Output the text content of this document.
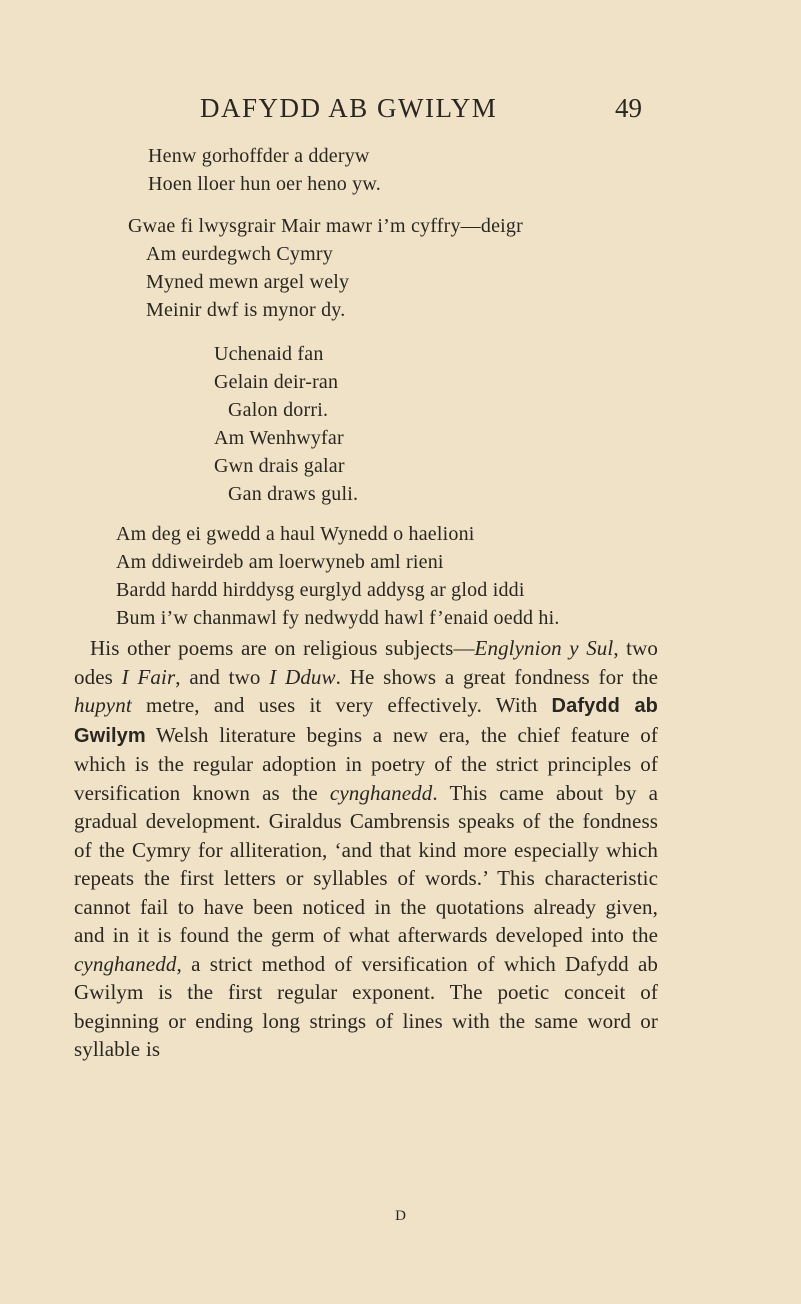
DAFYDD AB GWILYM	49
Henw gorhoffder a dderyw
Hoen lloer hun oer heno yw.
Gwae fi lwysgrair Mair mawr i’m cyffry—deigr
Am eurdegwch Cymry
Myned mewn argel wely
Meinir dwf is mynor dy.
Uchenaid fan
Gelain deir-ran
Galon dorri.
Am Wenhwyfar
Gwn drais galar
Gan draws guli.
Am deg ei gwedd a haul Wynedd o haelioni
Am ddiweirdeb am loerwyneb aml rieni
Bardd hardd hirddysg eurglyd addysg ar glod iddi
Bum i’w chanmawl fy nedwydd hawl f’enaid oedd hi.

His other poems are on religious subjects—Englynion y Sul, two odes I Fair, and two I Dduw. He shows a great fondness for the hupynt metre, and uses it very effectively. With Dafydd ab Gwilym Welsh literature begins a new era, the chief feature of which is the regular adoption in poetry of the strict principles of versification known as the cynghanedd. This came about by a gradual development. Giraldus Cambrensis speaks of the fondness of the Cymry for alliteration, ‘and that kind more especially which repeats the first letters or syllables of words.’ This characteristic cannot fail to have been noticed in the quotations already given, and in it is found the germ of what afterwards developed into the cynghanedd, a strict method of versification of which Dafydd ab Gwilym is the first regular exponent. The poetic conceit of beginning or ending long strings of lines with the same word or syllable is

D
